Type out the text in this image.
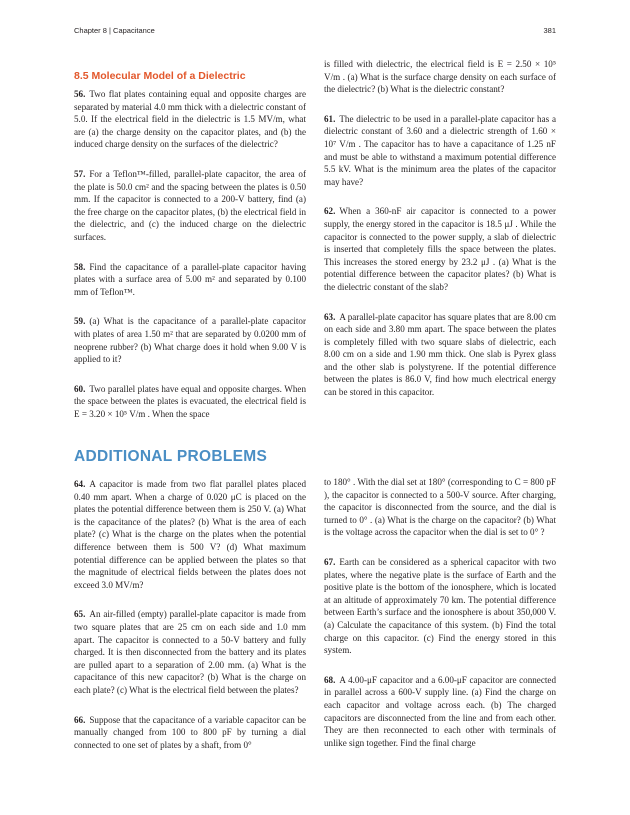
Chapter 8 | Capacitance	381
8.5 Molecular Model of a Dielectric

56. Two flat plates containing equal and opposite charges are separated by material 4.0 mm thick with a dielectric constant of 5.0. If the electrical field in the dielectric is 1.5 MV/m, what are (a) the charge density on the capacitor plates, and (b) the induced charge density on the surfaces of the dielectric?

57. For a Teflon™-filled, parallel-plate capacitor, the area of the plate is 50.0 cm² and the spacing between the plates is 0.50 mm. If the capacitor is connected to a 200-V battery, find (a) the free charge on the capacitor plates, (b) the electrical field in the dielectric, and (c) the induced charge on the dielectric surfaces.

58. Find the capacitance of a parallel-plate capacitor having plates with a surface area of 5.00 m² and separated by 0.100 mm of Teflon™.

59. (a) What is the capacitance of a parallel-plate capacitor with plates of area 1.50 m² that are separated by 0.0200 mm of neoprene rubber? (b) What charge does it hold when 9.00 V is applied to it?

60. Two parallel plates have equal and opposite charges. When the space between the plates is evacuated, the electrical field is E = 3.20 × 10⁵ V/m . When the space

is filled with dielectric, the electrical field is E = 2.50 × 10⁵ V/m . (a) What is the surface charge density on each surface of the dielectric? (b) What is the dielectric constant?

61. The dielectric to be used in a parallel-plate capacitor has a dielectric constant of 3.60 and a dielectric strength of 1.60 × 10⁷ V/m . The capacitor has to have a capacitance of 1.25 nF and must be able to withstand a maximum potential difference 5.5 kV. What is the minimum area the plates of the capacitor may have?

62. When a 360-nF air capacitor is connected to a power supply, the energy stored in the capacitor is 18.5 μJ . While the capacitor is connected to the power supply, a slab of dielectric is inserted that completely fills the space between the plates. This increases the stored energy by 23.2 μJ . (a) What is the potential difference between the capacitor plates? (b) What is the dielectric constant of the slab?

63. A parallel-plate capacitor has square plates that are 8.00 cm on each side and 3.80 mm apart. The space between the plates is completely filled with two square slabs of dielectric, each 8.00 cm on a side and 1.90 mm thick. One slab is Pyrex glass and the other slab is polystyrene. If the potential difference between the plates is 86.0 V, find how much electrical energy can be stored in this capacitor.

ADDITIONAL PROBLEMS

64. A capacitor is made from two flat parallel plates placed 0.40 mm apart. When a charge of 0.020 μC is placed on the plates the potential difference between them is 250 V. (a) What is the capacitance of the plates? (b) What is the area of each plate? (c) What is the charge on the plates when the potential difference between them is 500 V? (d) What maximum potential difference can be applied between the plates so that the magnitude of electrical fields between the plates does not exceed 3.0 MV/m?

65. An air-filled (empty) parallel-plate capacitor is made from two square plates that are 25 cm on each side and 1.0 mm apart. The capacitor is connected to a 50-V battery and fully charged. It is then disconnected from the battery and its plates are pulled apart to a separation of 2.00 mm. (a) What is the capacitance of this new capacitor? (b) What is the charge on each plate? (c) What is the electrical field between the plates?

66. Suppose that the capacitance of a variable capacitor can be manually changed from 100 to 800 pF by turning a dial connected to one set of plates by a shaft, from 0°

to 180° . With the dial set at 180° (corresponding to C = 800 pF ), the capacitor is connected to a 500-V source. After charging, the capacitor is disconnected from the source, and the dial is turned to 0° . (a) What is the charge on the capacitor? (b) What is the voltage across the capacitor when the dial is set to 0° ?

67. Earth can be considered as a spherical capacitor with two plates, where the negative plate is the surface of Earth and the positive plate is the bottom of the ionosphere, which is located at an altitude of approximately 70 km. The potential difference between Earth’s surface and the ionosphere is about 350,000 V. (a) Calculate the capacitance of this system. (b) Find the total charge on this capacitor. (c) Find the energy stored in this system.

68. A 4.00-μF capacitor and a 6.00-μF capacitor are connected in parallel across a 600-V supply line. (a) Find the charge on each capacitor and voltage across each. (b) The charged capacitors are disconnected from the line and from each other. They are then reconnected to each other with terminals of unlike sign together. Find the final charge
